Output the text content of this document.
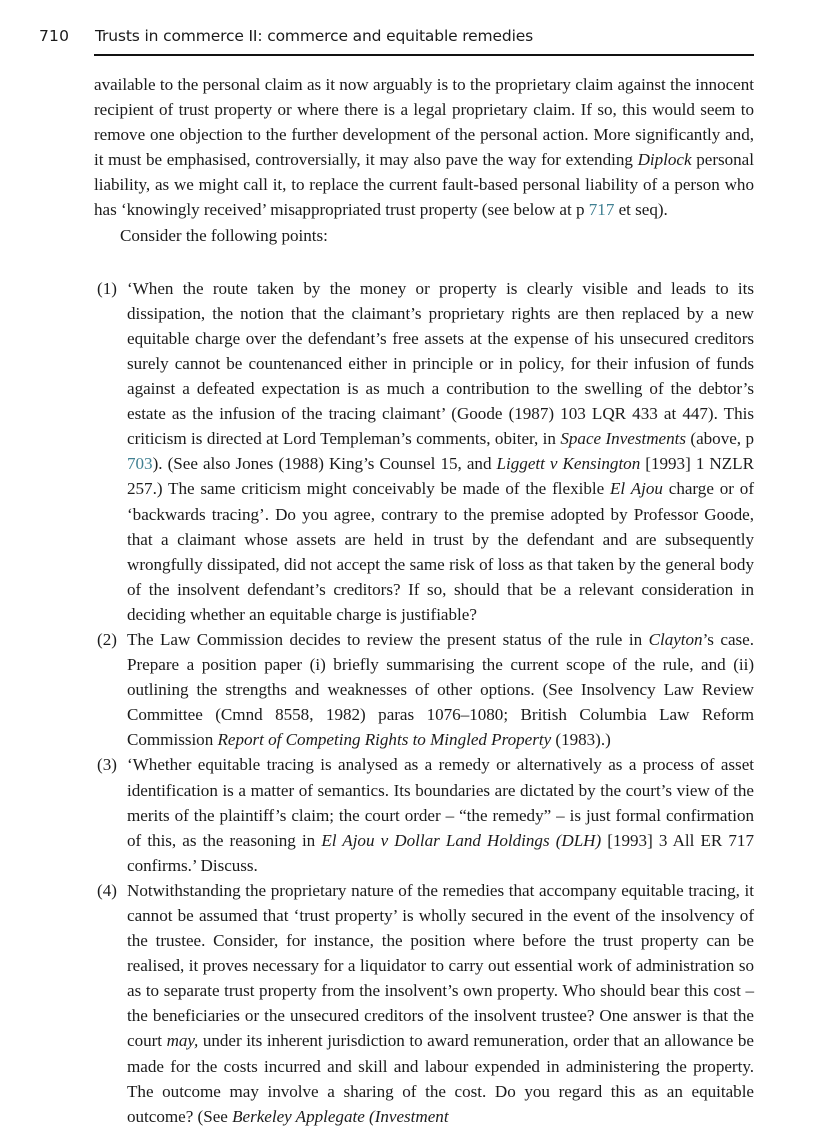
710	Trusts in commerce II: commerce and equitable remedies

available to the personal claim as it now arguably is to the proprietary claim against the innocent recipient of trust property or where there is a legal proprietary claim. If so, this would seem to remove one objection to the further development of the personal action. More significantly and, it must be emphasised, controversially, it may also pave the way for extending Diplock personal liability, as we might call it, to replace the current fault-based personal liability of a person who has ‘knowingly received’ misappropriated trust property (see below at p 717 et seq).

Consider the following points:

(1) ‘When the route taken by the money or property is clearly visible and leads to its dissipation, the notion that the claimant’s proprietary rights are then replaced by a new equitable charge over the defendant’s free assets at the expense of his unsecured creditors surely cannot be countenanced either in principle or in policy, for their infusion of funds against a defeated expectation is as much a contribution to the swelling of the debtor’s estate as the infusion of the tracing claimant’ (Goode (1987) 103 LQR 433 at 447). This criticism is directed at Lord Templeman’s comments, obiter, in Space Investments (above, p 703). (See also Jones (1988) King’s Counsel 15, and Liggett v Kensington [1993] 1 NZLR 257.) The same criticism might conceivably be made of the flexible El Ajou charge or of ‘backwards tracing’. Do you agree, contrary to the premise adopted by Professor Goode, that a claimant whose assets are held in trust by the defendant and are subsequently wrongfully dissipated, did not accept the same risk of loss as that taken by the general body of the insolvent defendant’s creditors? If so, should that be a relevant consideration in deciding whether an equitable charge is justifiable?

(2) The Law Commission decides to review the present status of the rule in Clayton’s case. Prepare a position paper (i) briefly summarising the current scope of the rule, and (ii) outlining the strengths and weaknesses of other options. (See Insolvency Law Review Committee (Cmnd 8558, 1982) paras 1076–1080; British Columbia Law Reform Commission Report of Competing Rights to Mingled Property (1983).)

(3) ‘Whether equitable tracing is analysed as a remedy or alternatively as a process of asset identification is a matter of semantics. Its boundaries are dictated by the court’s view of the merits of the plaintiff’s claim; the court order – “the remedy” – is just formal confirmation of this, as the reasoning in El Ajou v Dollar Land Holdings (DLH) [1993] 3 All ER 717 confirms.’ Discuss.

(4) Notwithstanding the proprietary nature of the remedies that accompany equitable tracing, it cannot be assumed that ‘trust property’ is wholly secured in the event of the insolvency of the trustee. Consider, for instance, the position where before the trust property can be realised, it proves necessary for a liquidator to carry out essential work of administration so as to separate trust property from the insolvent’s own property. Who should bear this cost – the beneficiaries or the unsecured creditors of the insolvent trustee? One answer is that the court may, under its inherent jurisdiction to award remuneration, order that an allowance be made for the costs incurred and skill and labour expended in administering the property. The outcome may involve a sharing of the cost. Do you regard this as an equitable outcome? (See Berkeley Applegate (Investment
